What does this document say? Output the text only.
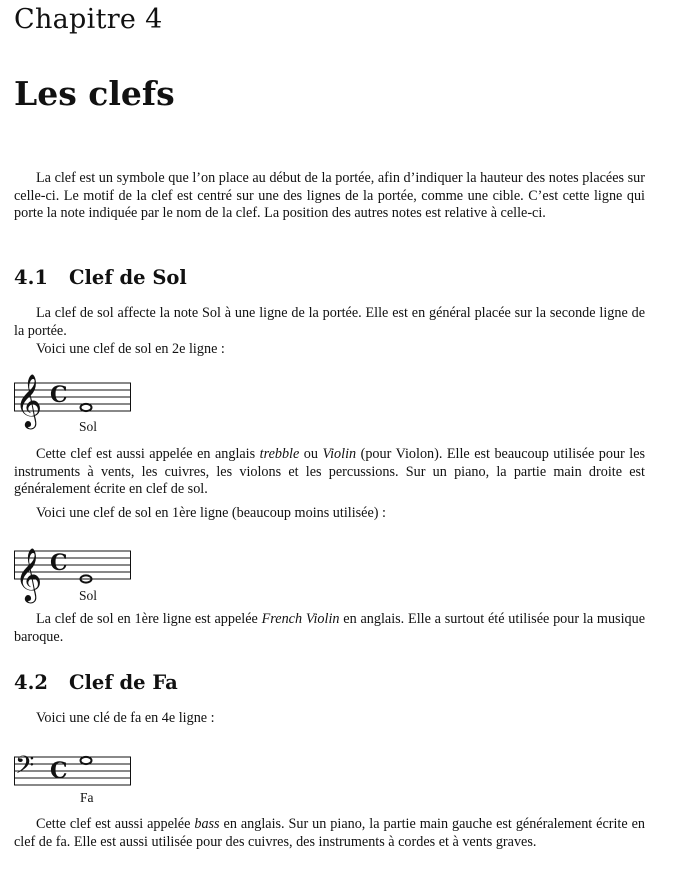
Chapitre 4
Les clefs

La clef est un symbole que l’on place au début de la portée, afin d’indiquer la hauteur des notes placées sur celle-ci. Le motif de la clef est centré sur une des lignes de la portée, comme une cible. C’est cette ligne qui porte la note indiquée par le nom de la clef. La position des autres notes est relative à celle-ci.

4.1 Clef de Sol

La clef de sol affecte la note Sol à une ligne de la portée. Elle est en général placée sur la seconde ligne de la portée.

Voici une clef de sol en 2e ligne :

𝄞 C
Sol

Cette clef est aussi appelée en anglais trebble ou Violin (pour Violon). Elle est beaucoup utilisée pour les instruments à vents, les cuivres, les violons et les percussions. Sur un piano, la partie main droite est généralement écrite en clef de sol.

Voici une clef de sol en 1ère ligne (beaucoup moins utilisée) :

𝄞 C
Sol

La clef de sol en 1ère ligne est appelée French Violin en anglais. Elle a surtout été utilisée pour la musique baroque.

4.2 Clef de Fa

Voici une clé de fa en 4e ligne :

𝄢 C
Fa

Cette clef est aussi appelée bass en anglais. Sur un piano, la partie main gauche est généralement écrite en clef de fa. Elle est aussi utilisée pour des cuivres, des instruments à cordes et à vents graves.
